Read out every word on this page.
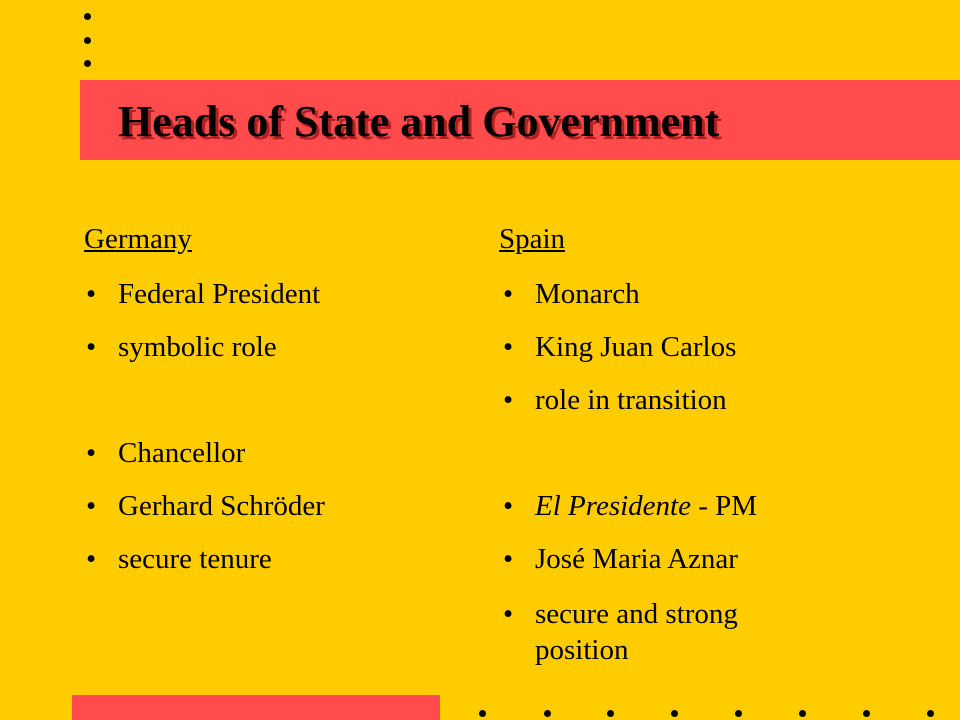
Heads of State and Government
Germany
• Federal President
• symbolic role
• Chancellor
• Gerhard Schröder
• secure tenure
Spain
• Monarch
• King Juan Carlos
• role in transition
• El Presidente - PM
• José Maria Aznar
• secure and strong position
